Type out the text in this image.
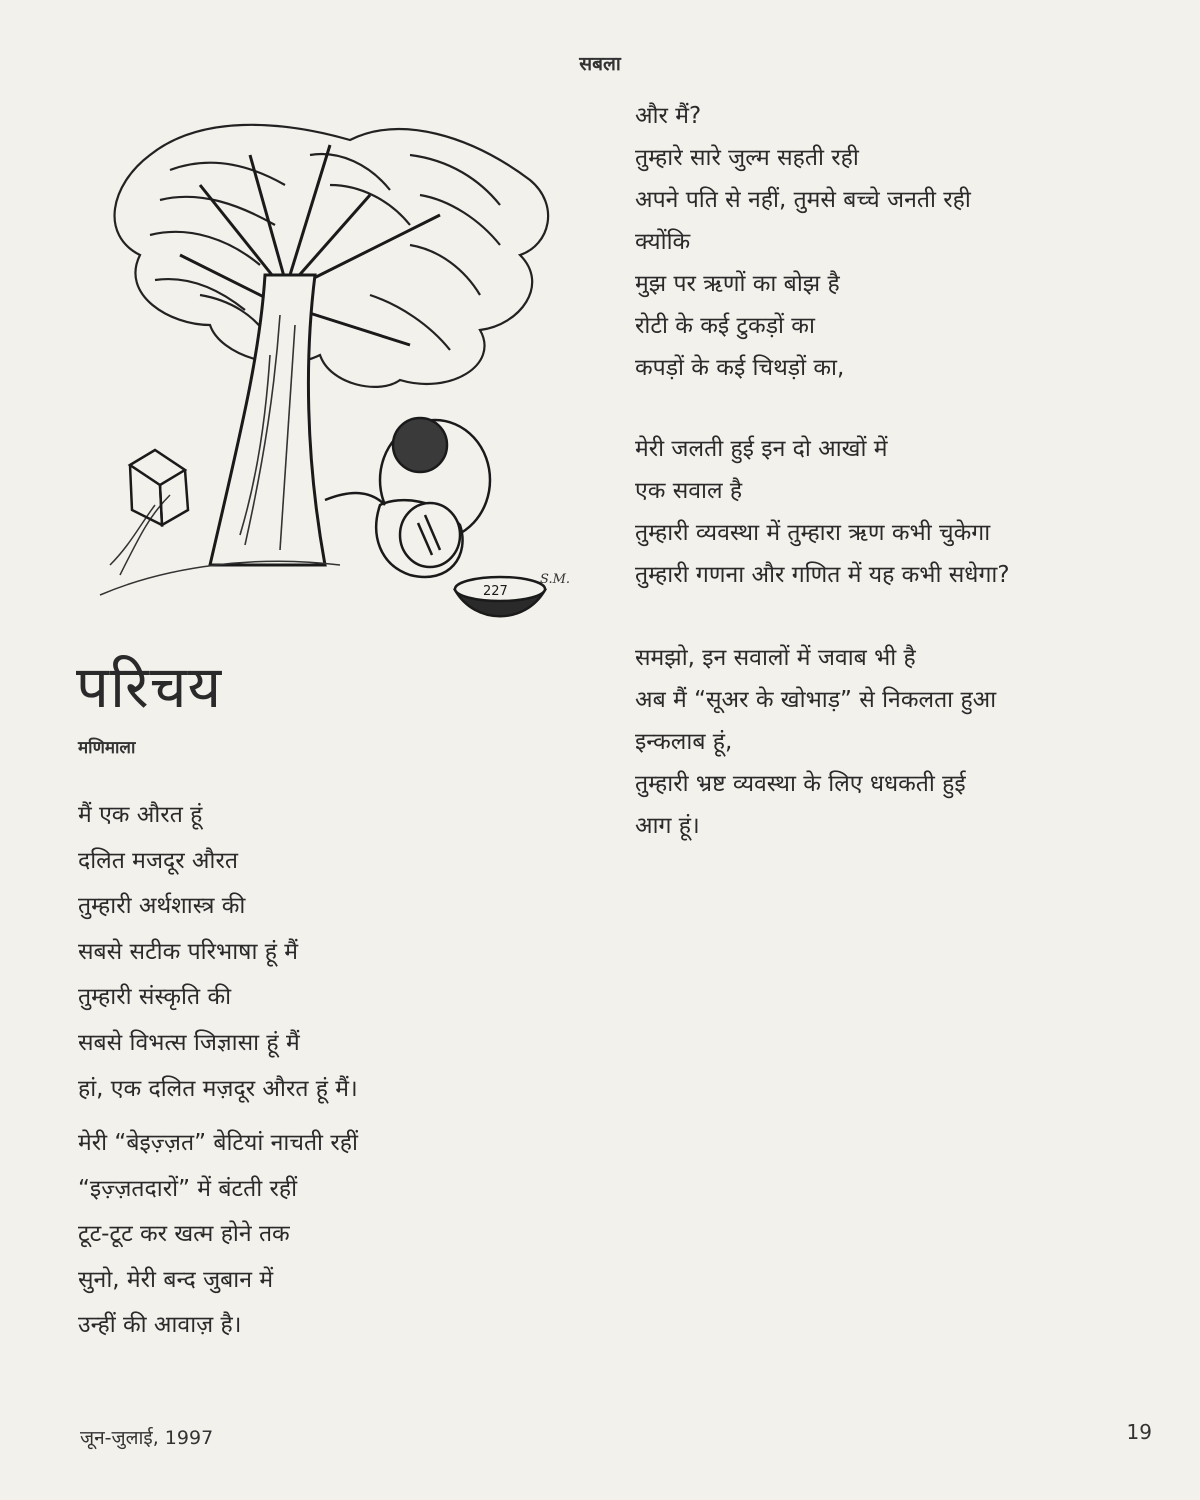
सबला
227
S.M.
परिचय
मणिमाला
मैं एक औरत हूं
दलित मजदूर औरत
तुम्हारी अर्थशास्त्र की
सबसे सटीक परिभाषा हूं मैं
तुम्हारी संस्कृति की
सबसे विभत्स जिज्ञासा हूं मैं
हां, एक दलित मज़दूर औरत हूं मैं।
मेरी “बेइज़्ज़त” बेटियां नाचती रहीं
“इज़्ज़तदारों” में बंटती रहीं
टूट-टूट कर खत्म होने तक
सुनो, मेरी बन्द जुबान में
उन्हीं की आवाज़ है।
और मैं?
तुम्हारे सारे जुल्म सहती रही
अपने पति से नहीं, तुमसे बच्चे जनती रही
क्योंकि
मुझ पर ऋणों का बोझ है
रोटी के कई टुकड़ों का
कपड़ों के कई चिथड़ों का,
मेरी जलती हुई इन दो आखों में
एक सवाल है
तुम्हारी व्यवस्था में तुम्हारा ऋण कभी चुकेगा
तुम्हारी गणना और गणित में यह कभी सधेगा?
समझो, इन सवालों में जवाब भी है
अब मैं “सूअर के खोभाड़” से निकलता हुआ
इन्कलाब हूं,
तुम्हारी भ्रष्ट व्यवस्था के लिए धधकती हुई
आग हूं।
जून-जुलाई, 1997	19
